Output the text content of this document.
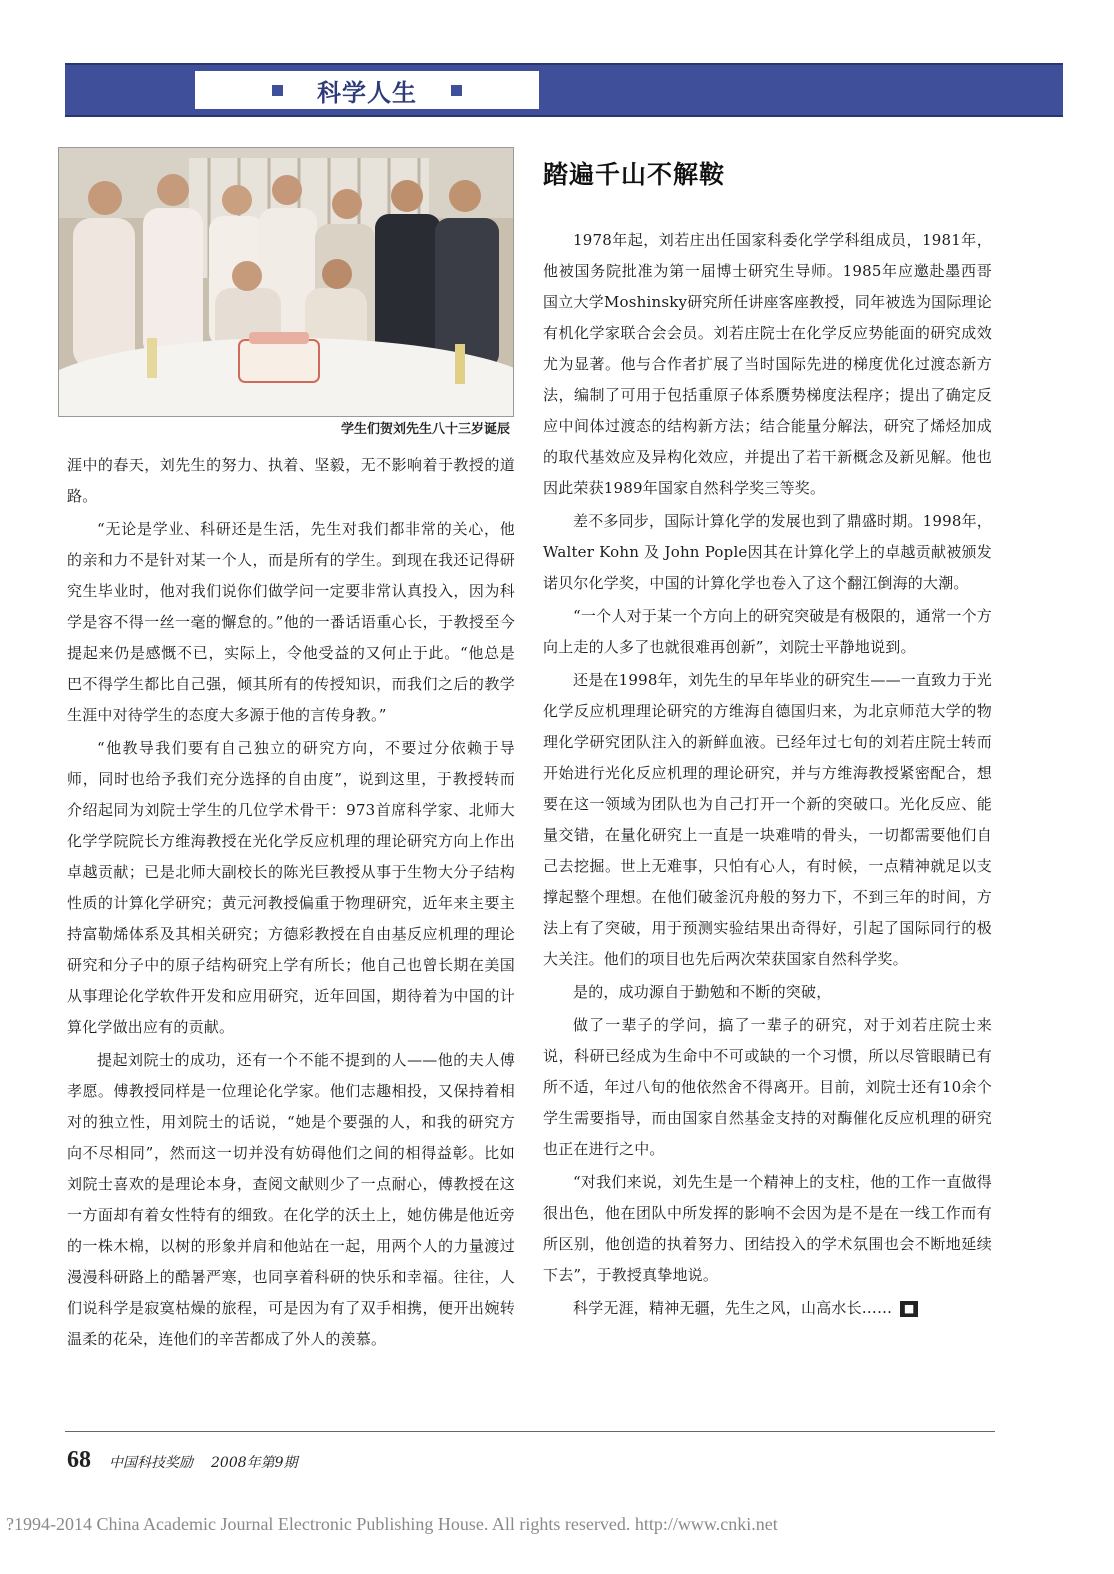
科学人生
学生们贺刘先生八十三岁诞辰

涯中的春天，刘先生的努力、执着、坚毅，无不影响着于教授的道路。

“无论是学业、科研还是生活，先生对我们都非常的关心，他的亲和力不是针对某一个人，而是所有的学生。到现在我还记得研究生毕业时，他对我们说你们做学问一定要非常认真投入，因为科学是容不得一丝一毫的懈怠的。”他的一番话语重心长，于教授至今提起来仍是感慨不已，实际上，令他受益的又何止于此。“他总是巴不得学生都比自己强，倾其所有的传授知识，而我们之后的教学生涯中对待学生的态度大多源于他的言传身教。”

“他教导我们要有自己独立的研究方向，不要过分依赖于导师，同时也给予我们充分选择的自由度”，说到这里，于教授转而介绍起同为刘院士学生的几位学术骨干：973首席科学家、北师大化学学院院长方维海教授在光化学反应机理的理论研究方向上作出卓越贡献；已是北师大副校长的陈光巨教授从事于生物大分子结构性质的计算化学研究；黄元河教授偏重于物理研究，近年来主要主持富勒烯体系及其相关研究；方德彩教授在自由基反应机理的理论研究和分子中的原子结构研究上学有所长；他自己也曾长期在美国从事理论化学软件开发和应用研究，近年回国，期待着为中国的计算化学做出应有的贡献。

提起刘院士的成功，还有一个不能不提到的人——他的夫人傅孝愿。傅教授同样是一位理论化学家。他们志趣相投，又保持着相对的独立性，用刘院士的话说，“她是个要强的人，和我的研究方向不尽相同”，然而这一切并没有妨碍他们之间的相得益彰。比如刘院士喜欢的是理论本身，查阅文献则少了一点耐心，傅教授在这一方面却有着女性特有的细致。在化学的沃土上，她仿佛是他近旁的一株木棉，以树的形象并肩和他站在一起，用两个人的力量渡过漫漫科研路上的酷暑严寒，也同享着科研的快乐和幸福。往往，人们说科学是寂寞枯燥的旅程，可是因为有了双手相携，便开出婉转温柔的花朵，连他们的辛苦都成了外人的羡慕。

踏遍千山不解鞍

1978年起，刘若庄出任国家科委化学学科组成员，1981年，他被国务院批准为第一届博士研究生导师。1985年应邀赴墨西哥国立大学Moshinsky研究所任讲座客座教授，同年被选为国际理论有机化学家联合会会员。刘若庄院士在化学反应势能面的研究成效尤为显著。他与合作者扩展了当时国际先进的梯度优化过渡态新方法，编制了可用于包括重原子体系赝势梯度法程序；提出了确定反应中间体过渡态的结构新方法；结合能量分解法，研究了烯烃加成的取代基效应及异构化效应，并提出了若干新概念及新见解。他也因此荣获1989年国家自然科学奖三等奖。

差不多同步，国际计算化学的发展也到了鼎盛时期。1998年，Walter Kohn 及 John Pople因其在计算化学上的卓越贡献被颁发诺贝尔化学奖，中国的计算化学也卷入了这个翻江倒海的大潮。

“一个人对于某一个方向上的研究突破是有极限的，通常一个方向上走的人多了也就很难再创新”，刘院士平静地说到。

还是在1998年，刘先生的早年毕业的研究生——一直致力于光化学反应机理理论研究的方维海自德国归来，为北京师范大学的物理化学研究团队注入的新鲜血液。已经年过七旬的刘若庄院士转而开始进行光化反应机理的理论研究，并与方维海教授紧密配合，想要在这一领域为团队也为自己打开一个新的突破口。光化反应、能量交错，在量化研究上一直是一块难啃的骨头，一切都需要他们自己去挖掘。世上无难事，只怕有心人，有时候，一点精神就足以支撑起整个理想。在他们破釜沉舟般的努力下，不到三年的时间，方法上有了突破，用于预测实验结果出奇得好，引起了国际同行的极大关注。他们的项目也先后两次荣获国家自然科学奖。

是的，成功源自于勤勉和不断的突破，

做了一辈子的学问，搞了一辈子的研究，对于刘若庄院士来说，科研已经成为生命中不可或缺的一个习惯，所以尽管眼睛已有所不适，年过八旬的他依然舍不得离开。目前，刘院士还有10余个学生需要指导，而由国家自然基金支持的对酶催化反应机理的研究也正在进行之中。

“对我们来说，刘先生是一个精神上的支柱，他的工作一直做得很出色，他在团队中所发挥的影响不会因为是不是在一线工作而有所区别，他创造的执着努力、团结投入的学术氛围也会不断地延续下去”，于教授真挚地说。

科学无涯，精神无疆，先生之风，山高水长…… ■

68 中国科技奖励 2008年第9期
?1994-2014 China Academic Journal Electronic Publishing House. All rights reserved. http://www.cnki.net
